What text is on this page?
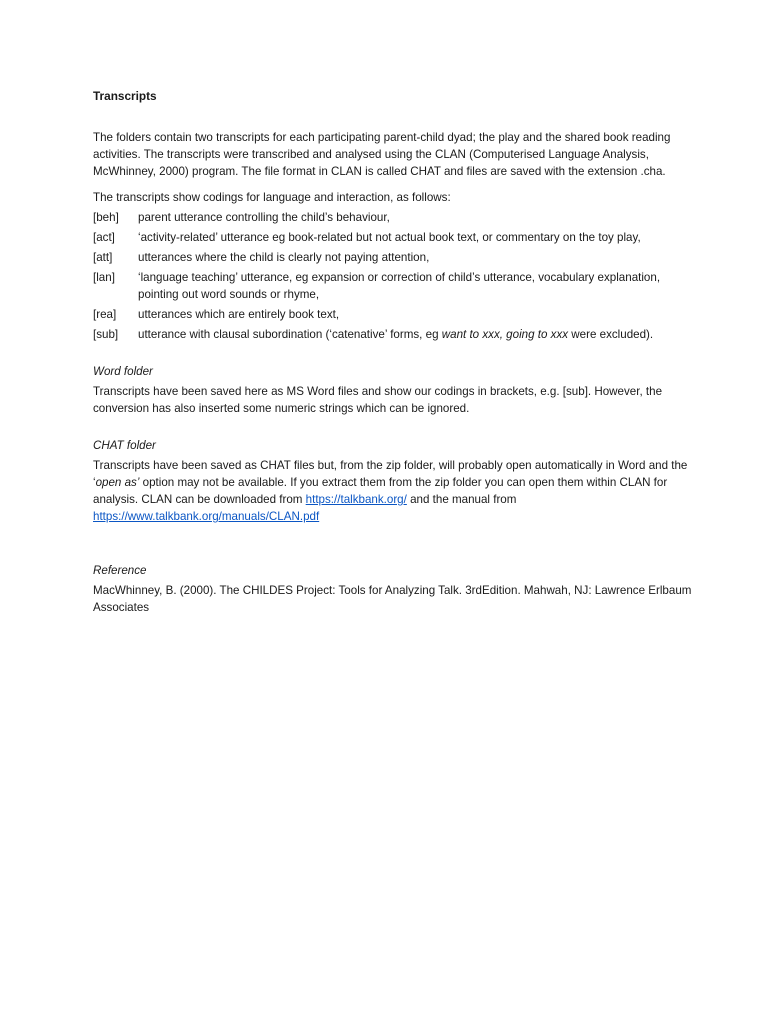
Transcripts

The folders contain two transcripts for each participating parent-child dyad; the play and the shared book reading activities. The transcripts were transcribed and analysed using the CLAN (Computerised Language Analysis, McWhinney, 2000) program. The file format in CLAN is called CHAT and files are saved with the extension .cha.

The transcripts show codings for language and interaction, as follows:

[beh]	parent utterance controlling the child’s behaviour,
[act]	‘activity-related’ utterance eg book-related but not actual book text, or commentary on the toy play,
[att]	utterances where the child is clearly not paying attention,
[lan]	‘language teaching’ utterance, eg expansion or correction of child’s utterance, vocabulary explanation, pointing out word sounds or rhyme,
[rea]	utterances which are entirely book text,
[sub]	utterance with clausal subordination (‘catenative’ forms, eg want to xxx, going to xxx were excluded).

Word folder

Transcripts have been saved here as MS Word files and show our codings in brackets, e.g. [sub]. However, the conversion has also inserted some numeric strings which can be ignored.

CHAT folder

Transcripts have been saved as CHAT files but, from the zip folder, will probably open automatically in Word and the ‘open as’ option may not be available. If you extract them from the zip folder you can open them within CLAN for analysis. CLAN can be downloaded from https://talkbank.org/ and the manual from https://www.talkbank.org/manuals/CLAN.pdf

Reference

MacWhinney, B. (2000). The CHILDES Project: Tools for Analyzing Talk. 3rdEdition. Mahwah, NJ: Lawrence Erlbaum Associates
